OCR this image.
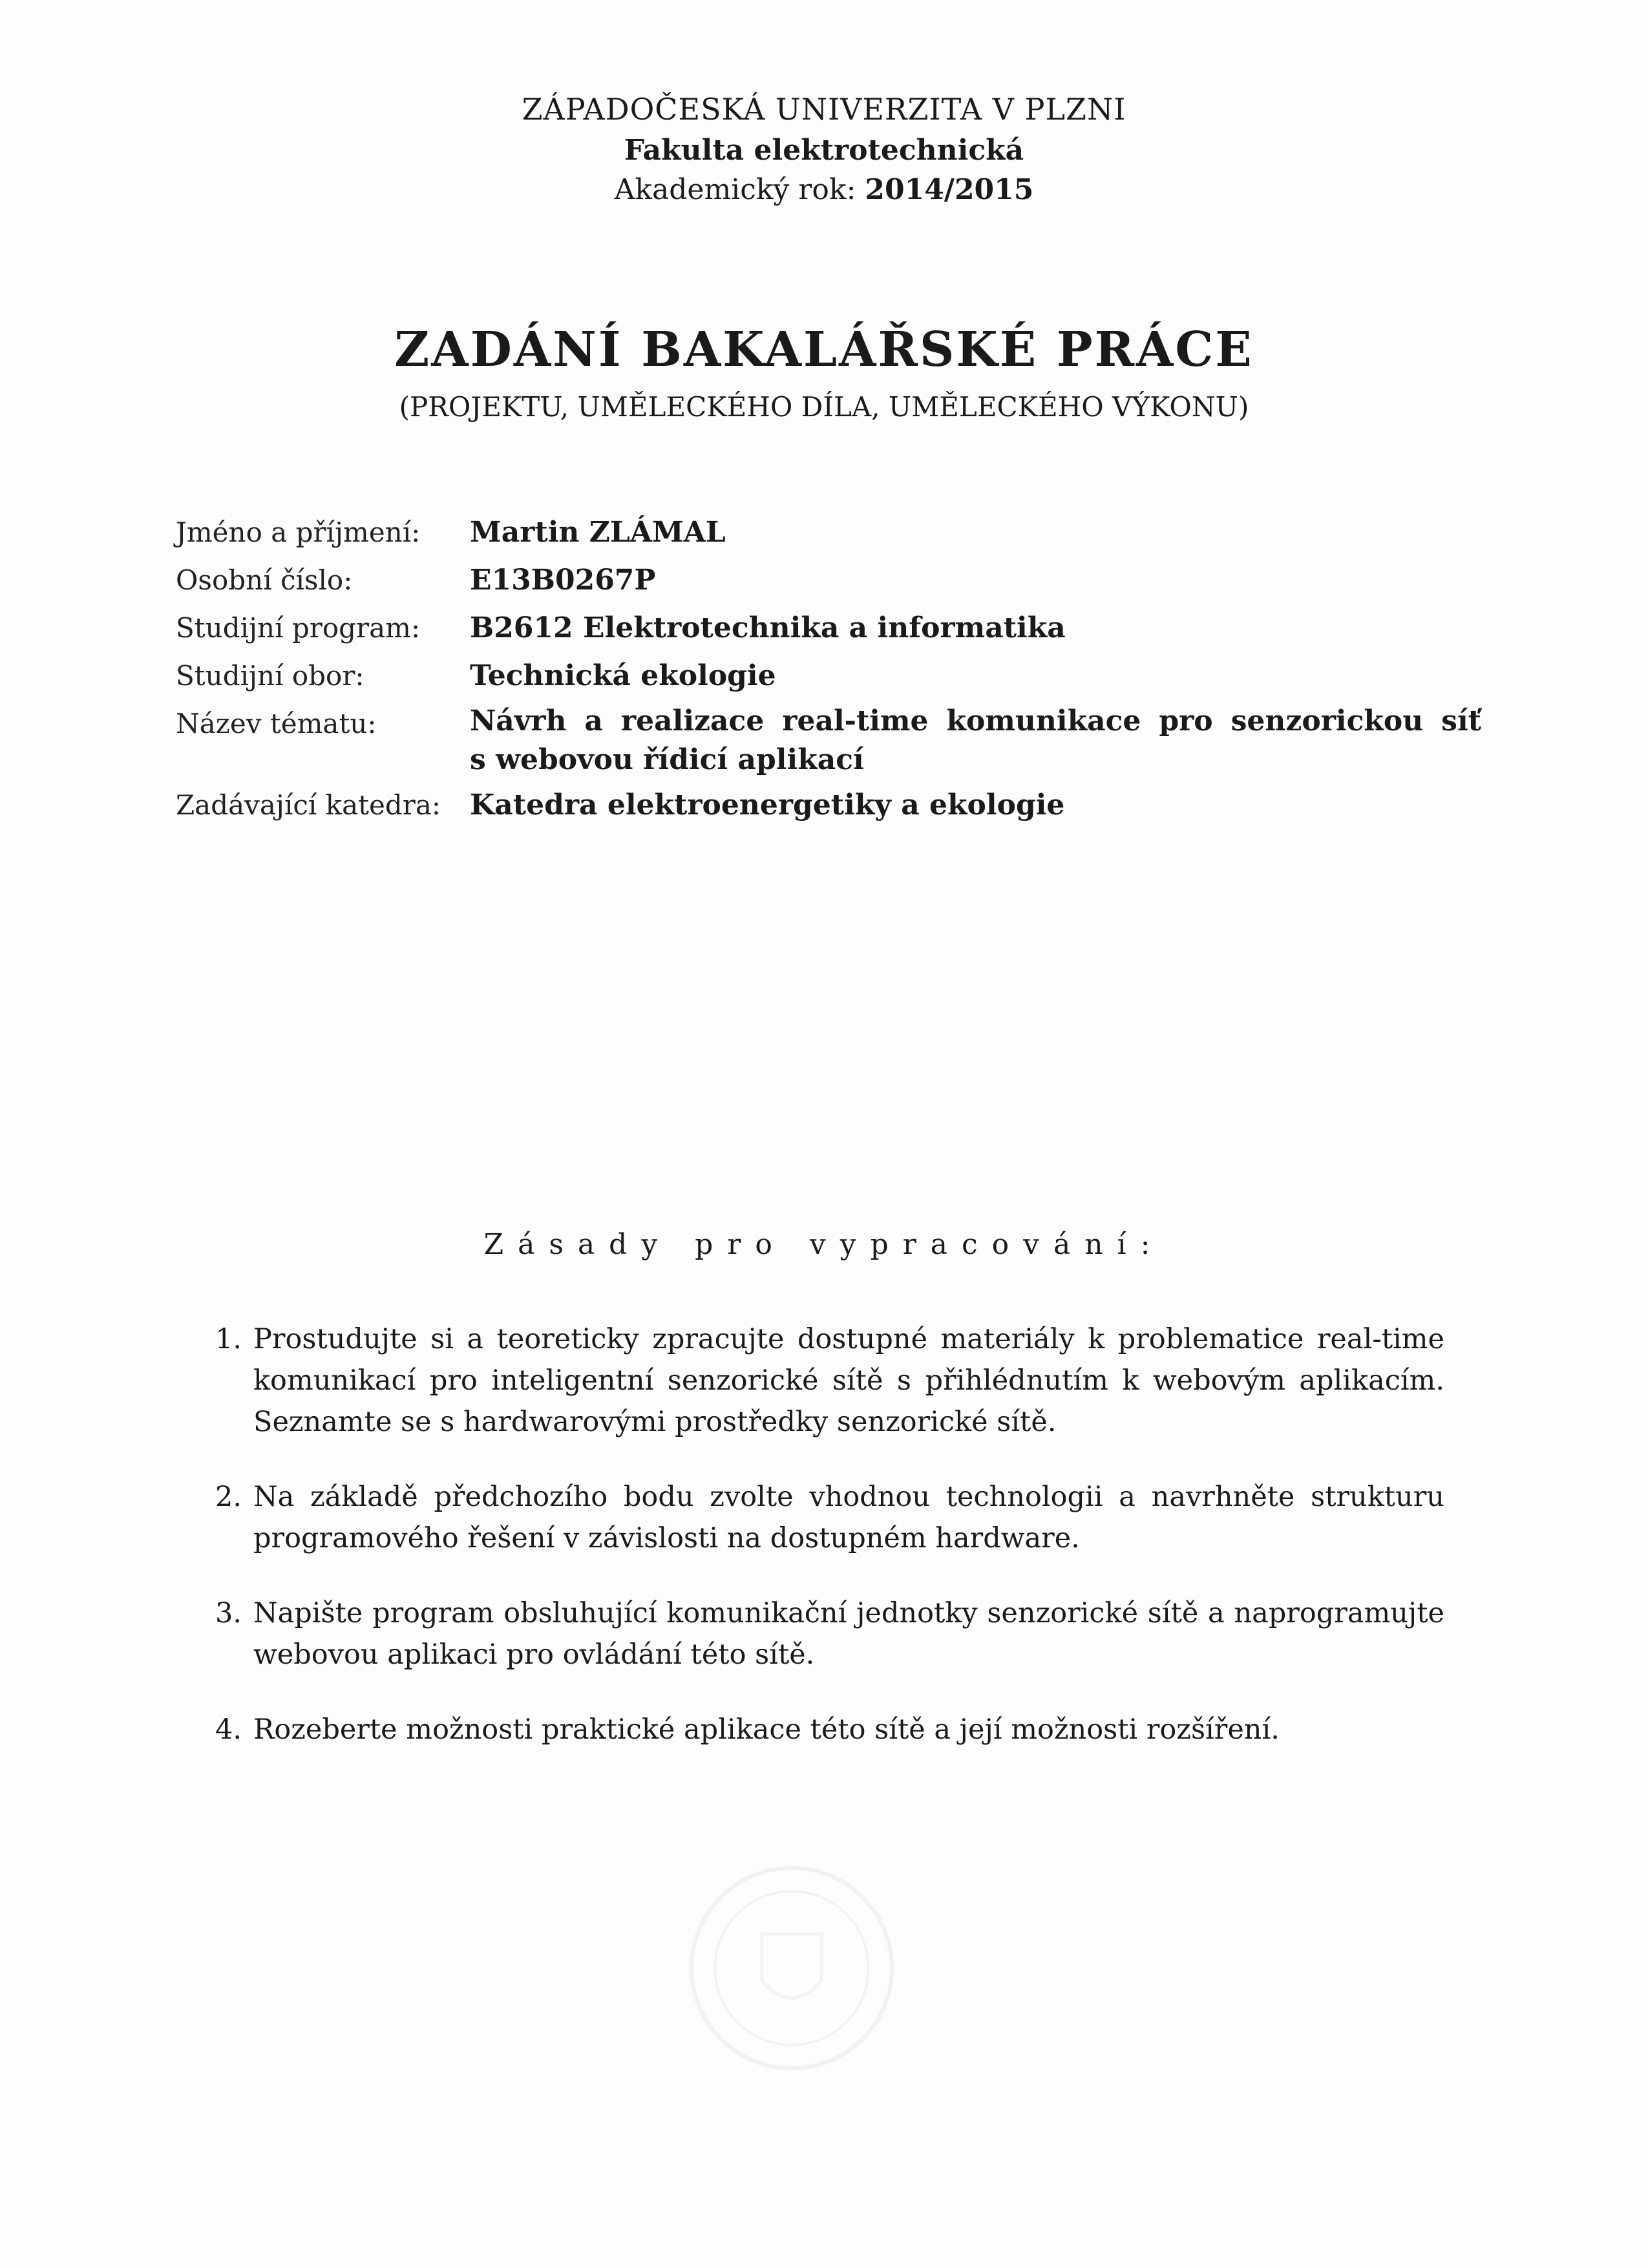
ZÁPADOČESKÁ UNIVERZITA V PLZNI
Fakulta elektrotechnická
Akademický rok: 2014/2015
ZADÁNÍ BAKALÁŘSKÉ PRÁCE
(PROJEKTU, UMĚLECKÉHO DÍLA, UMĚLECKÉHO VÝKONU)
Jméno a příjmení:	Martin ZLÁMAL
Osobní číslo:	E13B0267P
Studijní program:	B2612 Elektrotechnika a informatika
Studijní obor:	Technická ekologie
Název tématu:	Návrh a realizace real-time komunikace pro senzorickou síť
s webovou řídicí aplikací
Zadávající katedra:	Katedra elektroenergetiky a ekologie
Zásady pro vypracování:
1. Prostudujte si a teoreticky zpracujte dostupné materiály k problematice real-time komunikací pro inteligentní senzorické sítě s přihlédnutím k webovým aplikacím. Seznamte se s hardwarovými prostředky senzorické sítě.
2. Na základě předchozího bodu zvolte vhodnou technologii a navrhněte strukturu programového řešení v závislosti na dostupném hardware.
3. Napište program obsluhující komunikační jednotky senzorické sítě a naprogramujte webovou aplikaci pro ovládání této sítě.
4. Rozeberte možnosti praktické aplikace této sítě a její možnosti rozšíření.
